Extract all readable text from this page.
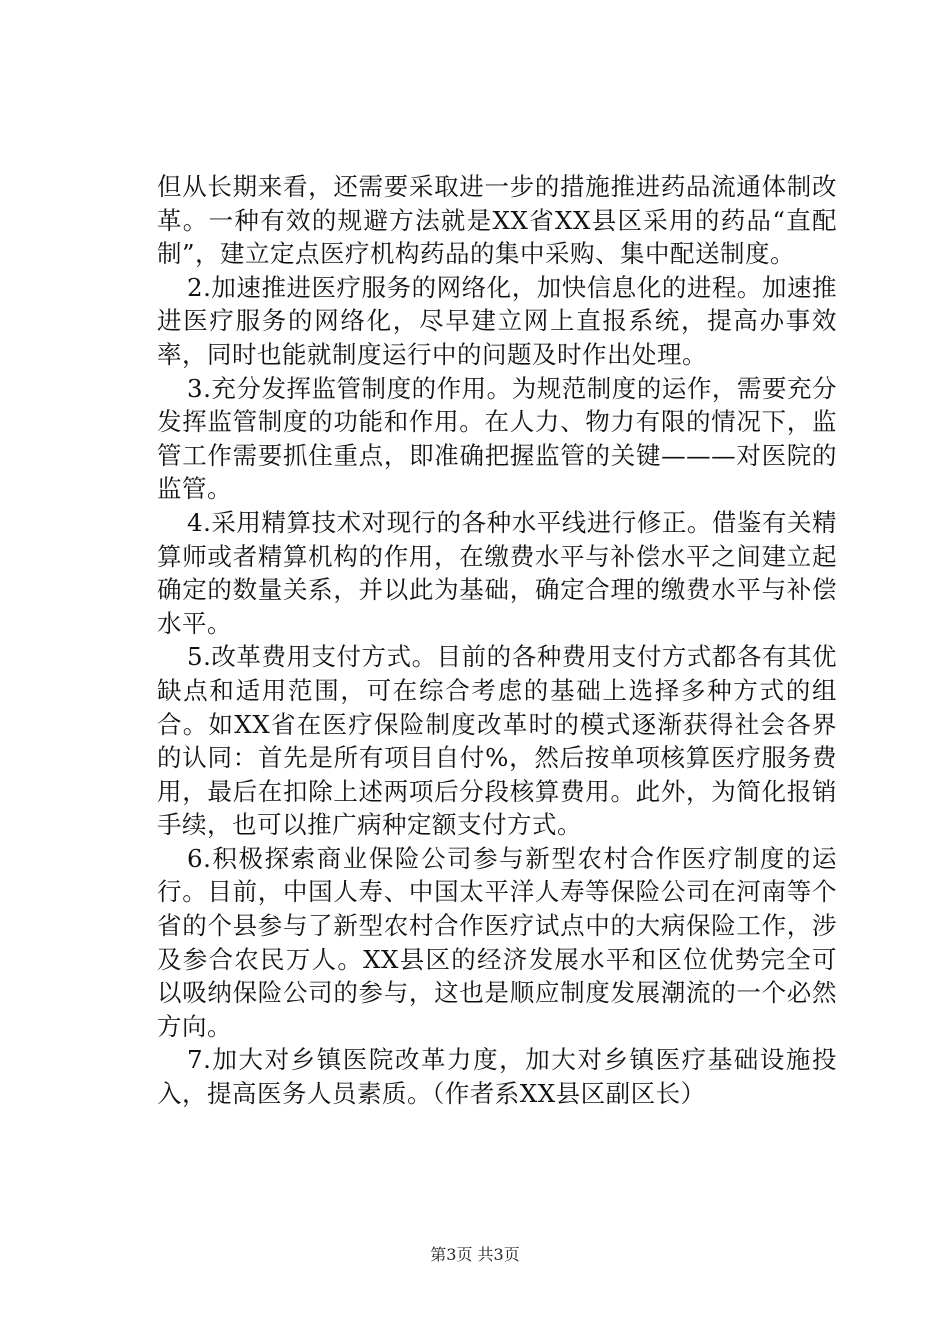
但从长期来看，还需要采取进一步的措施推进药品流通体制改革。一种有效的规避方法就是XX省XX县区采用的药品“直配制”，建立定点医疗机构药品的集中采购、集中配送制度。

2.加速推进医疗服务的网络化，加快信息化的进程。加速推进医疗服务的网络化，尽早建立网上直报系统，提高办事效率，同时也能就制度运行中的问题及时作出处理。

3.充分发挥监管制度的作用。为规范制度的运作，需要充分发挥监管制度的功能和作用。在人力、物力有限的情况下，监管工作需要抓住重点，即准确把握监管的关键———对医院的监管。

4.采用精算技术对现行的各种水平线进行修正。借鉴有关精算师或者精算机构的作用，在缴费水平与补偿水平之间建立起确定的数量关系，并以此为基础，确定合理的缴费水平与补偿水平。

5.改革费用支付方式。目前的各种费用支付方式都各有其优缺点和适用范围，可在综合考虑的基础上选择多种方式的组合。如XX省在医疗保险制度改革时的模式逐渐获得社会各界的认同：首先是所有项目自付%，然后按单项核算医疗服务费用，最后在扣除上述两项后分段核算费用。此外，为简化报销手续，也可以推广病种定额支付方式。

6.积极探索商业保险公司参与新型农村合作医疗制度的运行。目前，中国人寿、中国太平洋人寿等保险公司在河南等个省的个县参与了新型农村合作医疗试点中的大病保险工作，涉及参合农民万人。XX县区的经济发展水平和区位优势完全可以吸纳保险公司的参与，这也是顺应制度发展潮流的一个必然方向。

7.加大对乡镇医院改革力度，加大对乡镇医疗基础设施投入，提高医务人员素质。（作者系XX县区副区长）

第3页 共3页
